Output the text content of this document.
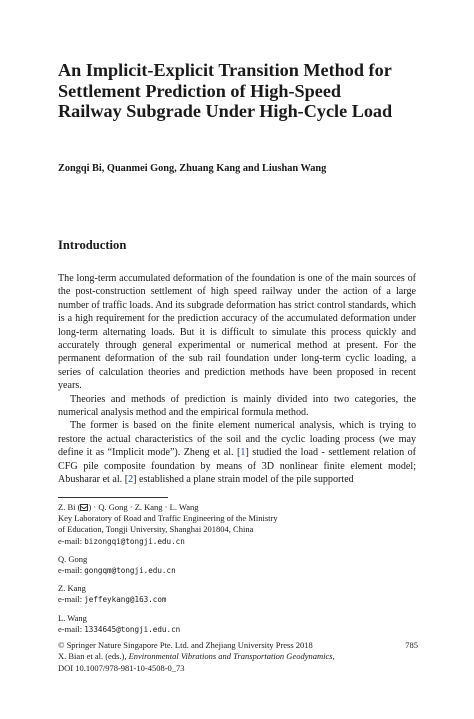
An Implicit-Explicit Transition Method for Settlement Prediction of High-Speed Railway Subgrade Under High-Cycle Load

Zongqi Bi, Quanmei Gong, Zhuang Kang and Liushan Wang

Introduction

The long-term accumulated deformation of the foundation is one of the main sources of the post-construction settlement of high speed railway under the action of a large number of traffic loads. And its subgrade deformation has strict control standards, which is a high requirement for the prediction accuracy of the accumulated deformation under long-term alternating loads. But it is difficult to simulate this process quickly and accurately through general experimental or numerical method at present. For the permanent deformation of the sub rail foundation under long-term cyclic loading, a series of calculation theories and prediction methods have been proposed in recent years.

Theories and methods of prediction is mainly divided into two categories, the numerical analysis method and the empirical formula method.

The former is based on the finite element numerical analysis, which is trying to restore the actual characteristics of the soil and the cyclic loading process (we may define it as “Implicit mode”). Zheng et al. [1] studied the load - settlement relation of CFG pile composite foundation by means of 3D nonlinear finite element model; Abusharar et al. [2] established a plane strain model of the pile supported

Z. Bi ( ) · Q. Gong · Z. Kang · L. Wang
Key Laboratory of Road and Traffic Engineering of the Ministry
of Education, Tongji University, Shanghai 201804, China
e-mail: bizongqi@tongji.edu.cn
Q. Gong
e-mail: gongqm@tongji.edu.cn
Z. Kang
e-mail: jeffeykang@163.com
L. Wang
e-mail: 1334645@tongji.edu.cn
© Springer Nature Singapore Pte. Ltd. and Zhejiang University Press 2018	785
X. Bian et al. (eds.), Environmental Vibrations and Transportation Geodynamics,
DOI 10.1007/978-981-10-4508-0_73
